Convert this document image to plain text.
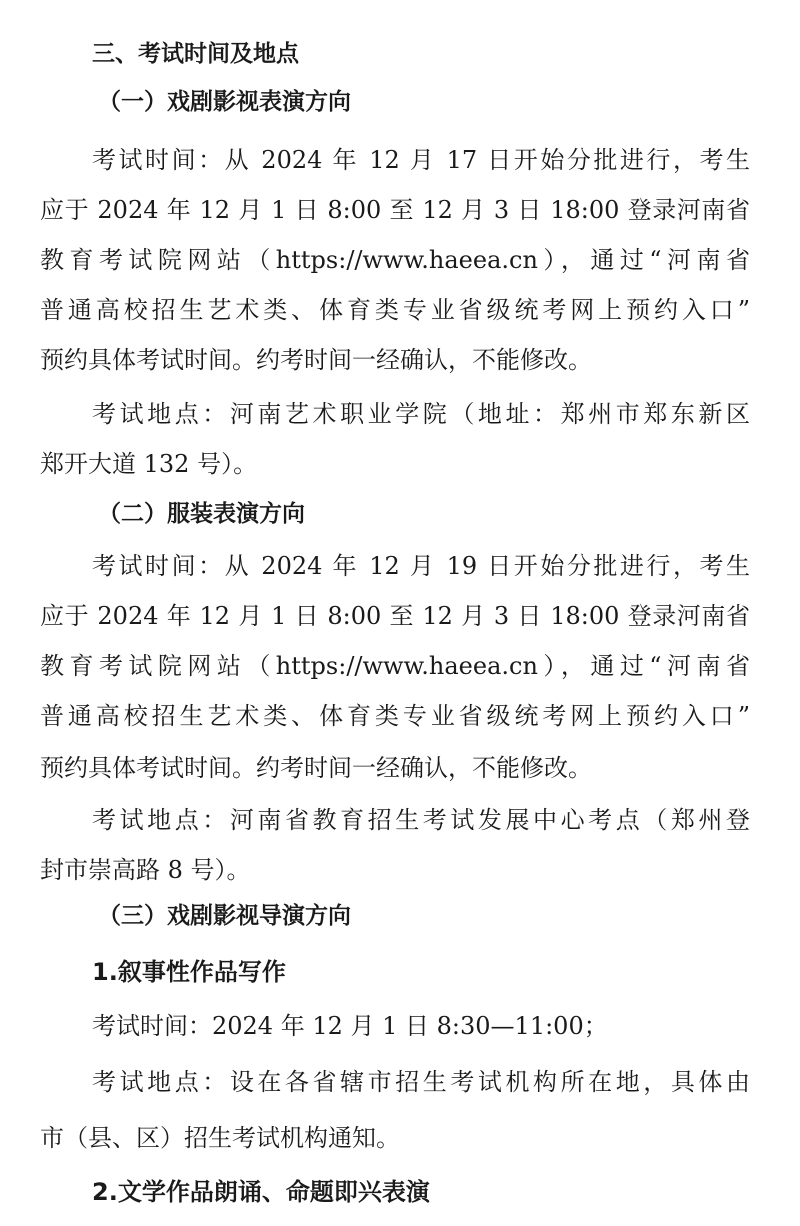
三、考试时间及地点
（一）戏剧影视表演方向
考试时间：从 2024 年 12 月 17 日开始分批进行，考生
应于 2024 年 12 月 1 日 8:00 至 12 月 3 日 18:00 登录河南省
教育考试院网站（https://www.haeea.cn），通过“河南省
普通高校招生艺术类、体育类专业省级统考网上预约入口”
预约具体考试时间。约考时间一经确认，不能修改。
考试地点：河南艺术职业学院（地址：郑州市郑东新区
郑开大道 132 号）。
（二）服装表演方向
考试时间：从 2024 年 12 月 19 日开始分批进行，考生
应于 2024 年 12 月 1 日 8:00 至 12 月 3 日 18:00 登录河南省
教育考试院网站（https://www.haeea.cn），通过“河南省
普通高校招生艺术类、体育类专业省级统考网上预约入口”
预约具体考试时间。约考时间一经确认，不能修改。
考试地点：河南省教育招生考试发展中心考点（郑州登
封市崇高路 8 号）。
（三）戏剧影视导演方向
1.叙事性作品写作
考试时间：2024 年 12 月 1 日 8:30—11:00；
考试地点：设在各省辖市招生考试机构所在地，具体由
市（县、区）招生考试机构通知。
2.文学作品朗诵、命题即兴表演
